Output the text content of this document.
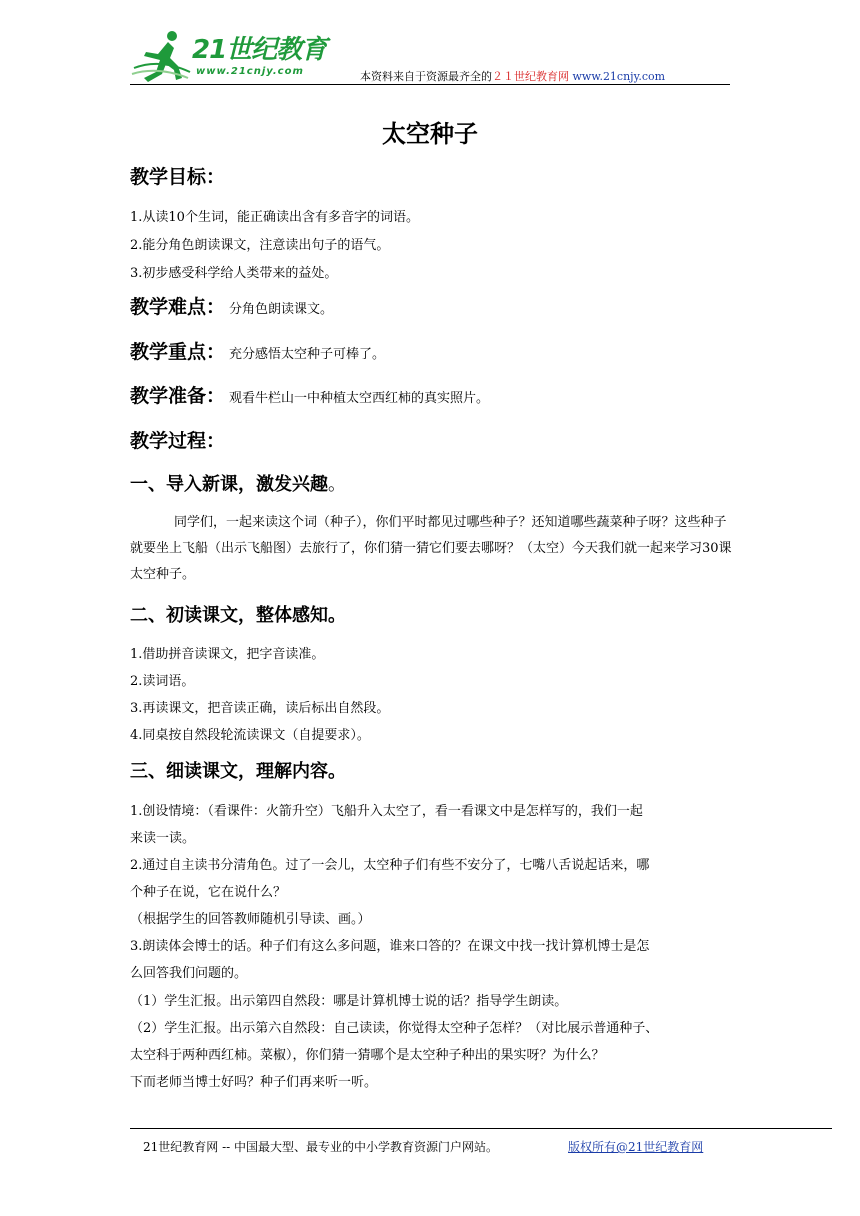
21世纪教育
www.21cnjy.com	本资料来自于资源最齐全的２１世纪教育网 www.21cnjy.com
太空种子
教学目标：
1.从读10个生词，能正确读出含有多音字的词语。
2.能分角色朗读课文，注意读出句子的语气。
3.初步感受科学给人类带来的益处。
教学难点： 分角色朗读课文。
教学重点： 充分感悟太空种子可棒了。
教学准备： 观看牛栏山一中种植太空西红柿的真实照片。
教学过程：
一、导入新课，激发兴趣。

同学们，一起来读这个词（种子），你们平时都见过哪些种子？还知道哪些蔬菜种子呀？这些种子就要坐上飞船（出示飞船图）去旅行了，你们猜一猜它们要去哪呀？（太空）今天我们就一起来学习30课太空种子。

二、初读课文，整体感知。
1.借助拼音读课文，把字音读准。
2.读词语。
3.再读课文，把音读正确，读后标出自然段。
4.同桌按自然段轮流读课文（自提要求）。
三、细读课文，理解内容。
1.创设情境：（看课件：火箭升空）飞船升入太空了，看一看课文中是怎样写的，我们一起
来读一读。
2.通过自主读书分清角色。过了一会儿，太空种子们有些不安分了，七嘴八舌说起话来，哪
个种子在说，它在说什么？
（根据学生的回答教师随机引导读、画。）
3.朗读体会博士的话。种子们有这么多问题，谁来口答的？在课文中找一找计算机博士是怎
么回答我们问题的。
（1）学生汇报。出示第四自然段：哪是计算机博士说的话？指导学生朗读。
（2）学生汇报。出示第六自然段：自己读读，你觉得太空种子怎样？（对比展示普通种子、
太空科于两种西红柿。菜椒），你们猜一猜哪个是太空种子种出的果实呀？为什么？
下而老师当博士好吗？种子们再来听一听。
21世纪教育网 -- 中国最大型、最专业的中小学教育资源门户网站。	版权所有@21世纪教育网
